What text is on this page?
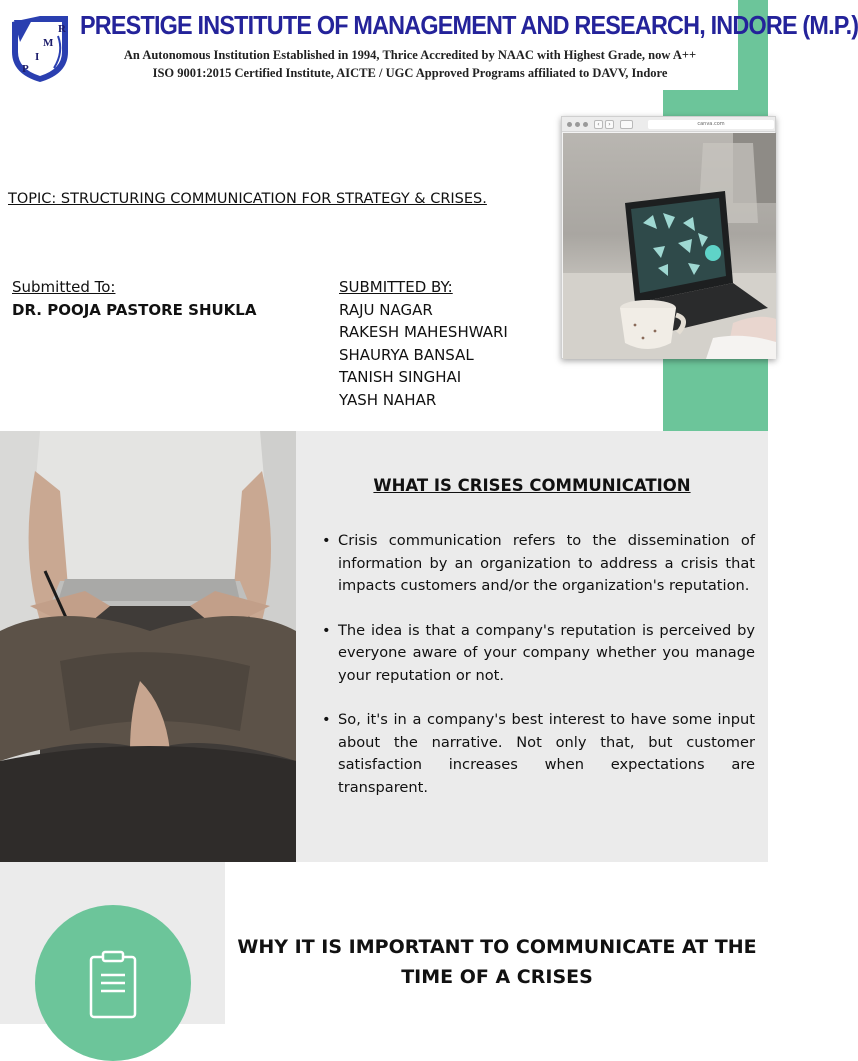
R
M
I
P
PRESTIGE INSTITUTE OF MANAGEMENT AND RESEARCH, INDORE (M.P.)
An Autonomous Institution Established in 1994, Thrice Accredited by NAAC with Highest Grade, now A++
ISO 9001:2015 Certified Institute, AICTE / UGC Approved Programs affiliated to DAVV, Indore
‹	›	canva.com
TOPIC: STRUCTURING COMMUNICATION FOR STRATEGY & CRISES.
Submitted To:
DR. POOJA PASTORE SHUKLA
SUBMITTED BY:
RAJU NAGAR
RAKESH MAHESHWARI
SHAURYA BANSAL
TANISH SINGHAI
YASH NAHAR
WHAT IS CRISES COMMUNICATION
• Crisis communication refers to the dissemination of information by an organization to address a crisis that impacts customers and/or the organization's reputation.
• The idea is that a company's reputation is perceived by everyone aware of your company whether you manage your reputation or not.
• So, it's in a company's best interest to have some input about the narrative. Not only that, but customer satisfaction increases when expectations are transparent.
WHY IT IS IMPORTANT TO COMMUNICATE AT THE
TIME OF A CRISES
